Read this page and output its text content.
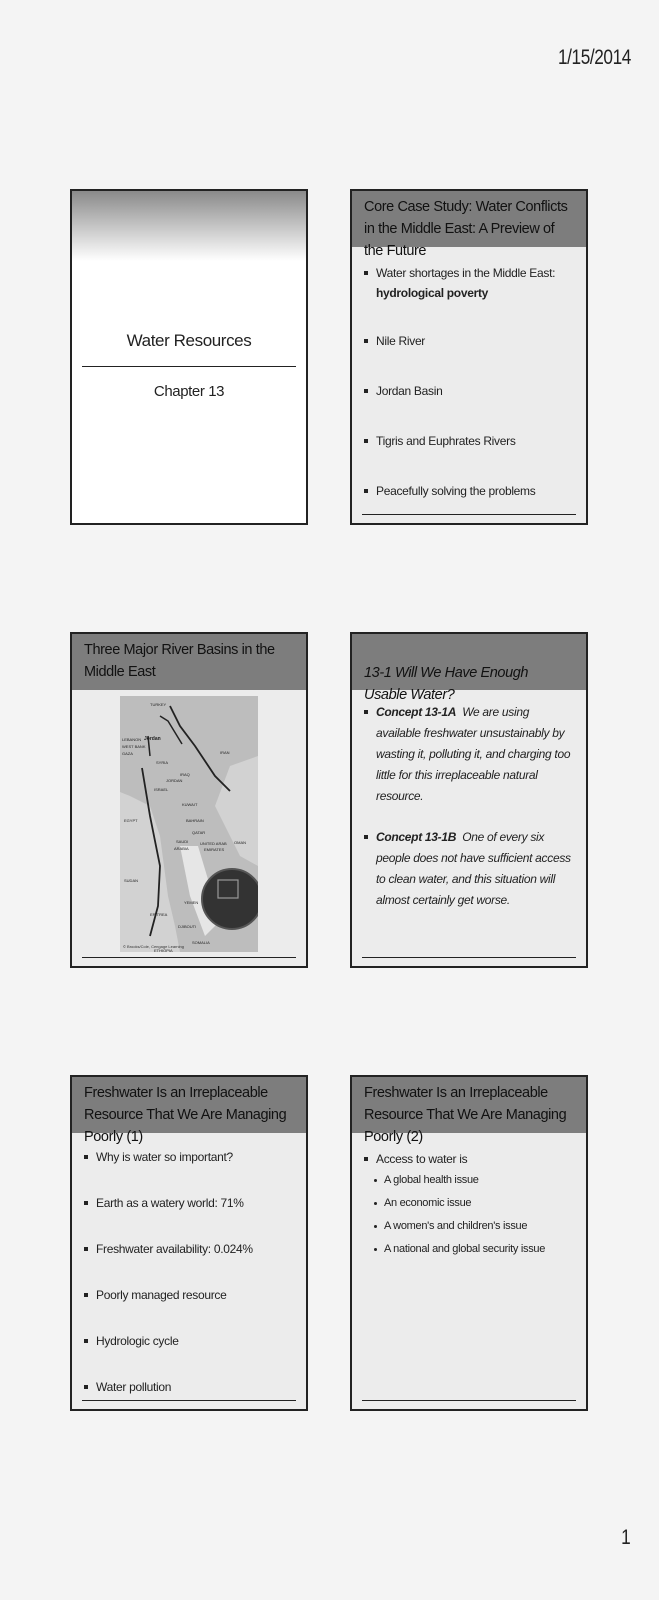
1/15/2014
Water Resources
Chapter 13
Core Case Study: Water Conflicts in the Middle East: A Preview of the Future
Water shortages in the Middle East:
hydrological poverty
Nile River
Jordan Basin
Tigris and Euphrates Rivers
Peacefully solving the problems
Three Major River Basins in the Middle East
© Brooks/Cole, Cengage Learning
TURKEY
Jordan
LEBANON
WEST BANK
GAZA
SYRIA
IRAQ
IRAN
ISRAEL
JORDAN
KUWAIT
EGYPT	BAHRAIN
QATAR
SAUDI
ARABIA
UNITED ARAB
EMIRATES
OMAN
SUDAN
YEMEN
ERITREA
DJIBOUTI
SOMALIA
ETHIOPIA
13-1 Will We Have Enough Usable Water?
Concept 13-1A We are using available freshwater unsustainably by wasting it, polluting it, and charging too little for this irreplaceable natural resource.
Concept 13-1B One of every six people does not have sufficient access to clean water, and this situation will almost certainly get worse.
Freshwater Is an Irreplaceable Resource That We Are Managing Poorly (1)
Why is water so important?
Earth as a watery world: 71%
Freshwater availability: 0.024%
Poorly managed resource
Hydrologic cycle
Water pollution
Freshwater Is an Irreplaceable Resource That We Are Managing Poorly (2)
Access to water is
A global health issue
An economic issue
A women's and children's issue
A national and global security issue
1
